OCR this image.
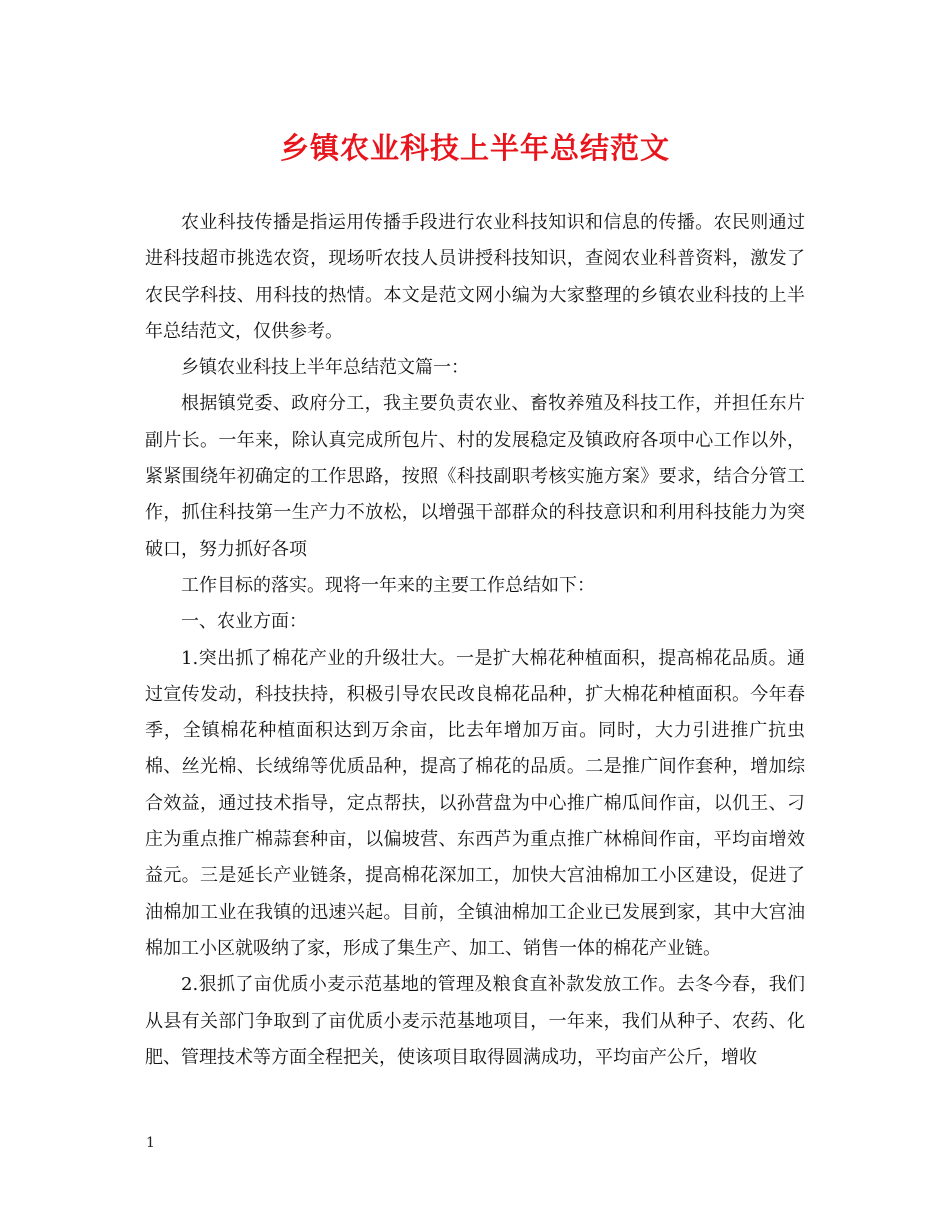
乡镇农业科技上半年总结范文

农业科技传播是指运用传播手段进行农业科技知识和信息的传播。农民则通过进科技超市挑选农资，现场听农技人员讲授科技知识，查阅农业科普资料，激发了农民学科技、用科技的热情。本文是范文网小编为大家整理的乡镇农业科技的上半年总结范文，仅供参考。

乡镇农业科技上半年总结范文篇一：

根据镇党委、政府分工，我主要负责农业、畜牧养殖及科技工作，并担任东片副片长。一年来，除认真完成所包片、村的发展稳定及镇政府各项中心工作以外，紧紧围绕年初确定的工作思路，按照《科技副职考核实施方案》要求，结合分管工作，抓住科技第一生产力不放松，以增强干部群众的科技意识和利用科技能力为突破口，努力抓好各项

工作目标的落实。现将一年来的主要工作总结如下：

一、农业方面：

1.突出抓了棉花产业的升级壮大。一是扩大棉花种植面积，提高棉花品质。通过宣传发动，科技扶持，积极引导农民改良棉花品种，扩大棉花种植面积。今年春季，全镇棉花种植面积达到万余亩，比去年增加万亩。同时，大力引进推广抗虫棉、丝光棉、长绒绵等优质品种，提高了棉花的品质。二是推广间作套种，增加综合效益，通过技术指导，定点帮扶，以孙营盘为中心推广棉瓜间作亩，以仉王、刁庄为重点推广棉蒜套种亩，以偏坡营、东西芦为重点推广林棉间作亩，平均亩增效益元。三是延长产业链条，提高棉花深加工，加快大宫油棉加工小区建设，促进了油棉加工业在我镇的迅速兴起。目前，全镇油棉加工企业已发展到家，其中大宫油棉加工小区就吸纳了家，形成了集生产、加工、销售一体的棉花产业链。

2.狠抓了亩优质小麦示范基地的管理及粮食直补款发放工作。去冬今春，我们从县有关部门争取到了亩优质小麦示范基地项目，一年来，我们从种子、农药、化肥、管理技术等方面全程把关，使该项目取得圆满成功，平均亩产公斤，增收

1
